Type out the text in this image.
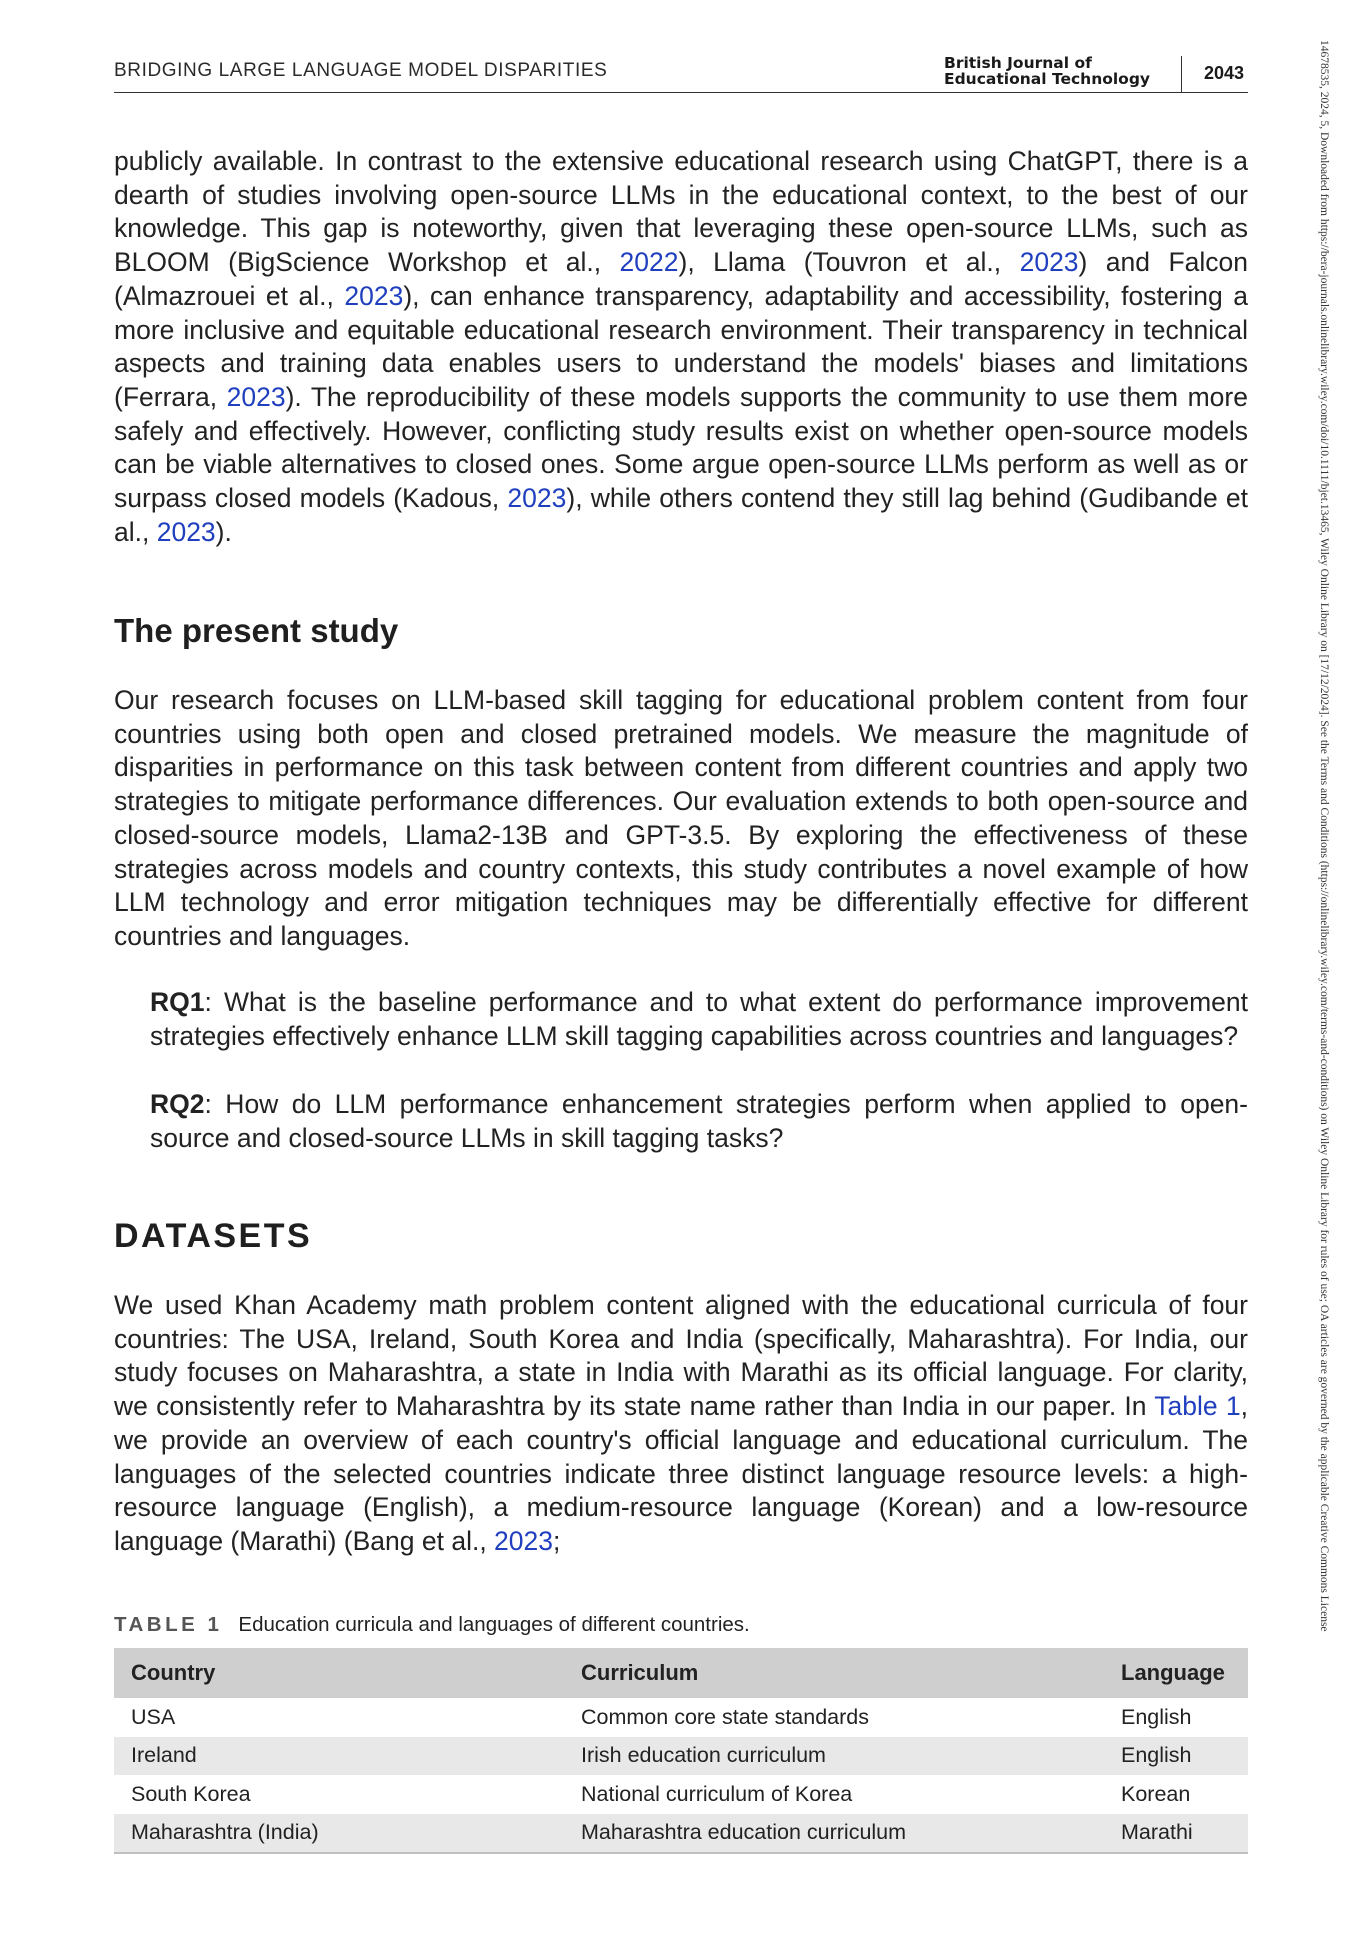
BRIDGING LARGE LANGUAGE MODEL DISPARITIES	British Journal of
Educational Technology	2043	14678535, 2024, 5, Downloaded from https://bera-journals.onlinelibrary.wiley.com/doi/10.1111/bjet.13465, Wiley Online Library on [17/12/2024]. See the Terms and Conditions (https://onlinelibrary.wiley.com/terms-and-conditions) on Wiley Online Library for rules of use; OA articles are governed by the applicable Creative Commons License

publicly available. In contrast to the extensive educational research using ChatGPT, there is a dearth of studies involving open-source LLMs in the educational context, to the best of our knowledge. This gap is noteworthy, given that leveraging these open-source LLMs, such as BLOOM (BigScience Workshop et al., 2022), Llama (Touvron et al., 2023) and Falcon (Almazrouei et al., 2023), can enhance transparency, adaptability and accessibility, fostering a more inclusive and equitable educational research environment. Their transparency in technical aspects and training data enables users to understand the models' biases and limitations (Ferrara, 2023). The reproducibility of these models supports the community to use them more safely and effectively. However, conflicting study results exist on whether open-source models can be viable alternatives to closed ones. Some argue open-source LLMs perform as well as or surpass closed models (Kadous, 2023), while others contend they still lag behind (Gudibande et al., 2023).

The present study

Our research focuses on LLM-based skill tagging for educational problem content from four countries using both open and closed pretrained models. We measure the magnitude of disparities in performance on this task between content from different countries and apply two strategies to mitigate performance differences. Our evaluation extends to both open-source and closed-source models, Llama2-13B and GPT-3.5. By exploring the effectiveness of these strategies across models and country contexts, this study contributes a novel example of how LLM technology and error mitigation techniques may be differentially effective for different countries and languages.

RQ1: What is the baseline performance and to what extent do performance improvement strategies effectively enhance LLM skill tagging capabilities across countries and languages?

RQ2: How do LLM performance enhancement strategies perform when applied to open-source and closed-source LLMs in skill tagging tasks?

DATASETS

We used Khan Academy math problem content aligned with the educational curricula of four countries: The USA, Ireland, South Korea and India (specifically, Maharashtra). For India, our study focuses on Maharashtra, a state in India with Marathi as its official language. For clarity, we consistently refer to Maharashtra by its state name rather than India in our paper. In Table 1, we provide an overview of each country's official language and educational curriculum. The languages of the selected countries indicate three distinct language resource levels: a high-resource language (English), a medium-resource language (Korean) and a low-resource language (Marathi) (Bang et al., 2023;

TABLE 1 Education curricula and languages of different countries.
Country	Curriculum	Language
USA	Common core state standards	English
Ireland	Irish education curriculum	English
South Korea	National curriculum of Korea	Korean
Maharashtra (India)	Maharashtra education curriculum	Marathi
